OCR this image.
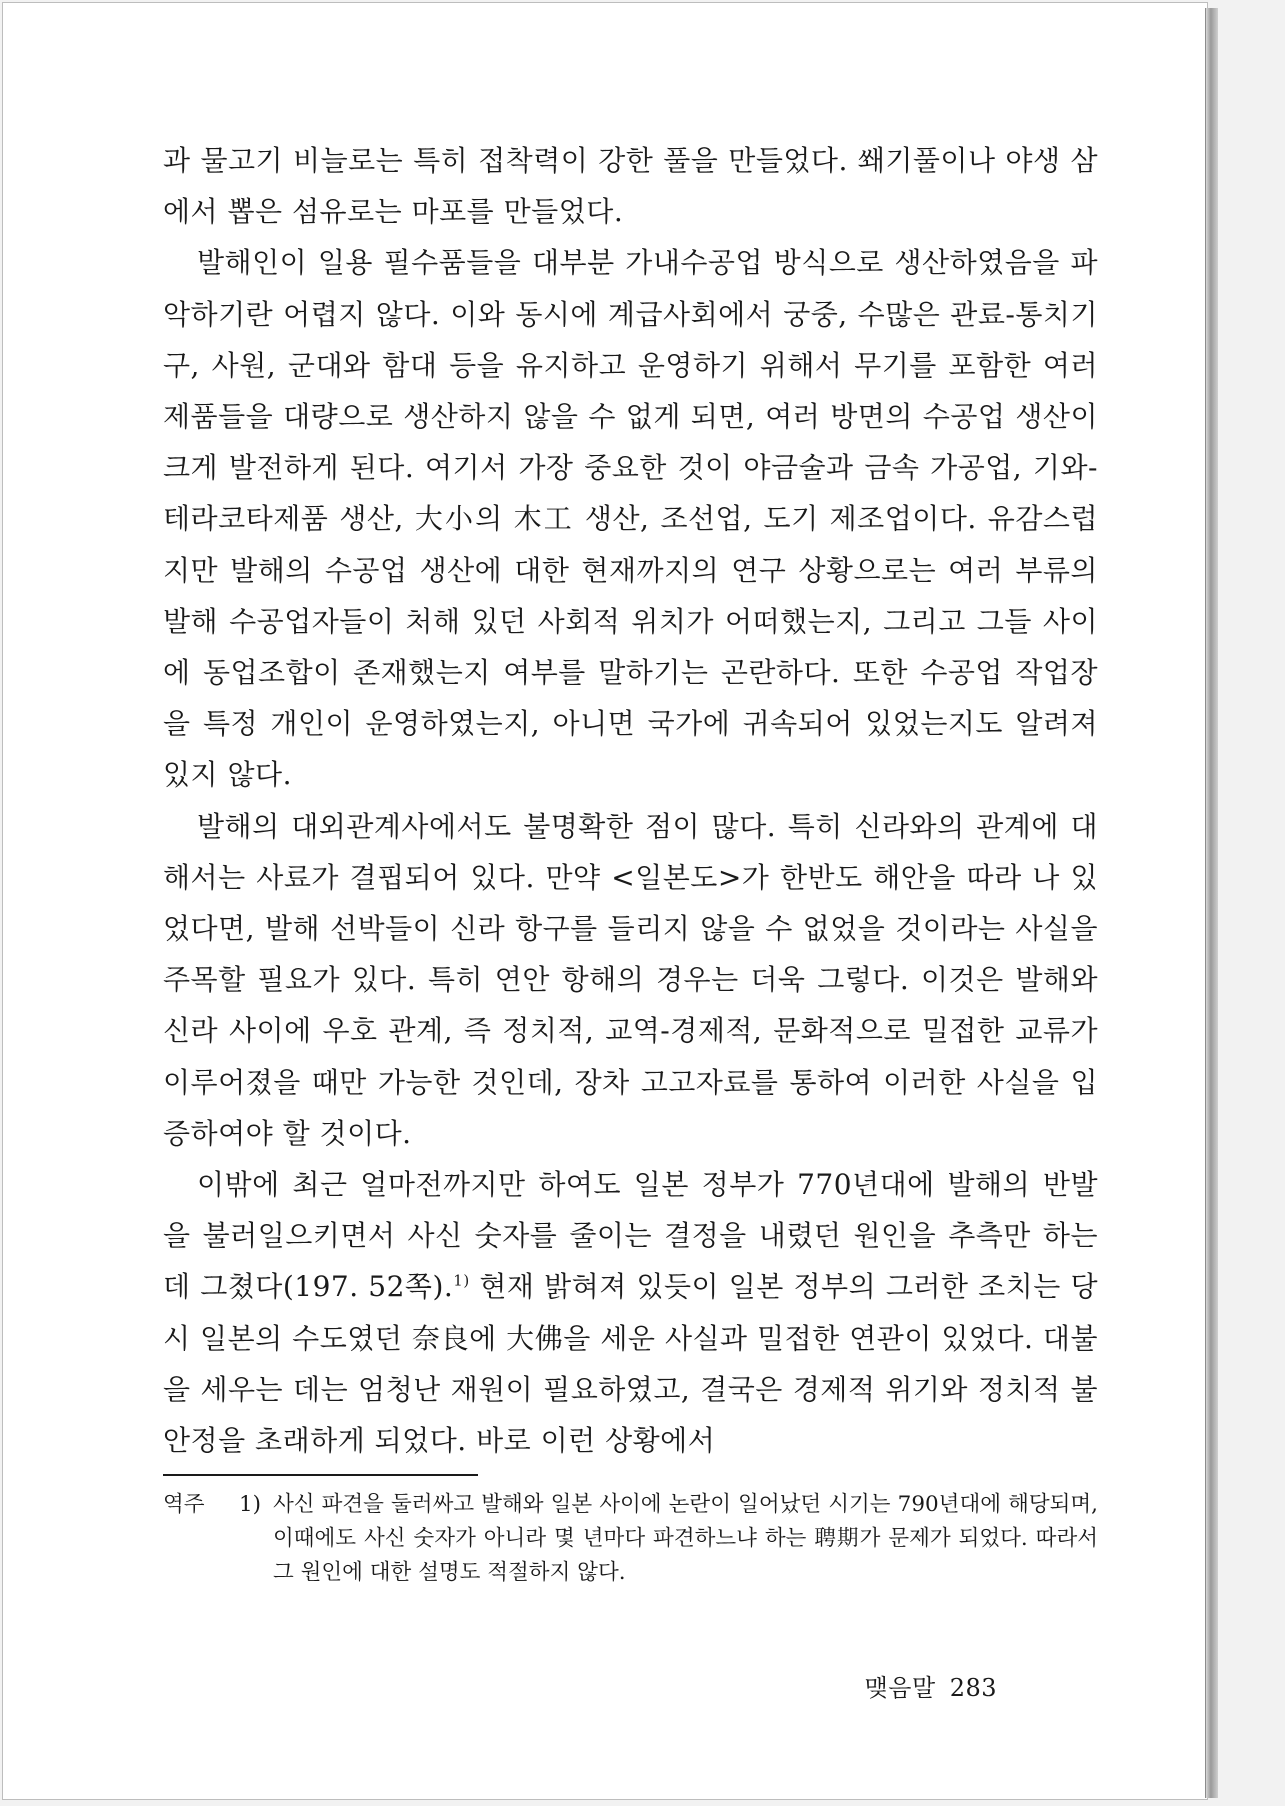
과 물고기 비늘로는 특히 접착력이 강한 풀을 만들었다. 쐐기풀이나 야생 삼에서 뽑은 섬유로는 마포를 만들었다.

발해인이 일용 필수품들을 대부분 가내수공업 방식으로 생산하였음을 파악하기란 어렵지 않다. 이와 동시에 계급사회에서 궁중, 수많은 관료-통치기구, 사원, 군대와 함대 등을 유지하고 운영하기 위해서 무기를 포함한 여러 제품들을 대량으로 생산하지 않을 수 없게 되면, 여러 방면의 수공업 생산이 크게 발전하게 된다. 여기서 가장 중요한 것이 야금술과 금속 가공업, 기와-테라코타제품 생산, 大小의 木工 생산, 조선업, 도기 제조업이다. 유감스럽지만 발해의 수공업 생산에 대한 현재까지의 연구 상황으로는 여러 부류의 발해 수공업자들이 처해 있던 사회적 위치가 어떠했는지, 그리고 그들 사이에 동업조합이 존재했는지 여부를 말하기는 곤란하다. 또한 수공업 작업장을 특정 개인이 운영하였는지, 아니면 국가에 귀속되어 있었는지도 알려져 있지 않다.

발해의 대외관계사에서도 불명확한 점이 많다. 특히 신라와의 관계에 대해서는 사료가 결핍되어 있다. 만약 <일본도>가 한반도 해안을 따라 나 있었다면, 발해 선박들이 신라 항구를 들리지 않을 수 없었을 것이라는 사실을 주목할 필요가 있다. 특히 연안 항해의 경우는 더욱 그렇다. 이것은 발해와 신라 사이에 우호 관계, 즉 정치적, 교역-경제적, 문화적으로 밀접한 교류가 이루어졌을 때만 가능한 것인데, 장차 고고자료를 통하여 이러한 사실을 입증하여야 할 것이다.

이밖에 최근 얼마전까지만 하여도 일본 정부가 770년대에 발해의 반발을 불러일으키면서 사신 숫자를 줄이는 결정을 내렸던 원인을 추측만 하는 데 그쳤다(197. 52쪽).$^{1)}$ 현재 밝혀져 있듯이 일본 정부의 그러한 조치는 당시 일본의 수도였던 奈良에 大佛을 세운 사실과 밀접한 연관이 있었다. 대불을 세우는 데는 엄청난 재원이 필요하였고, 결국은 경제적 위기와 정치적 불안정을 초래하게 되었다. 바로 이런 상황에서

역주	1) 사신 파견을 둘러싸고 발해와 일본 사이에 논란이 일어났던 시기는 790년대에 해당되며, 이때에도 사신 숫자가 아니라 몇 년마다 파견하느냐 하는 聘期가 문제가 되었다. 따라서 그 원인에 대한 설명도 적절하지 않다.
맺음말 283
